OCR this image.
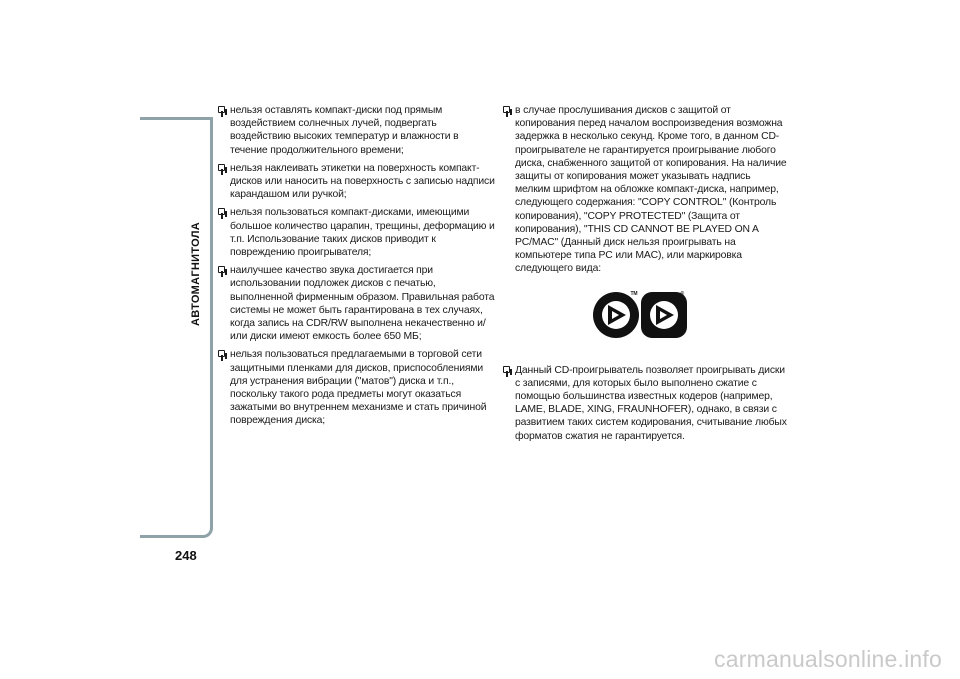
АВТОМАГНИТОЛА
248
нельзя оставлять компакт-диски под прямым воздействием солнечных лучей, подвергать воздействию высоких температур и влажности в течение продолжительного времени;
нельзя наклеивать этикетки на поверхность компакт-дисков или наносить на поверхность с записью надписи карандашом или ручкой;
нельзя пользоваться компакт-дисками, имеющими большое количество царапин, трещины, деформацию и т.п. Использование таких дисков приводит к повреждению проигрывателя;
наилучшее качество звука достигается при использовании подложек дисков с печатью, выполненной фирменным образом. Правильная работа системы не может быть гарантирована в тех случаях, когда запись на CDR/RW выполнена некачественно и/или диски имеют емкость более 650 МБ;
нельзя пользоваться предлагаемыми в торговой сети защитными пленками для дисков, приспособлениями для устранения вибрации ("матов") диска и т.п., поскольку такого рода предметы могут оказаться зажатыми во внутреннем механизме и стать причиной повреждения диска;
в случае прослушивания дисков с защитой от копирования перед началом воспроизведения возможна задержка в несколько секунд. Кроме того, в данном CD-проигрывателе не гарантируется проигрывание любого диска, снабженного защитой от копирования. На наличие защиты от копирования может указывать надпись мелким шрифтом на обложке компакт-диска, например, следующего содержания: "COPY CONTROL" (Контроль копирования), "COPY PROTECTED" (Защита от копирования), "THIS CD CANNOT BE PLAYED ON A PC/MAC" (Данный диск нельзя проигрывать на компьютере типа PC или MAC), или маркировка следующего вида:
TM	®
Данный CD-проигрыватель позволяет проигрывать диски с записями, для которых было выполнено сжатие с помощью большинства известных кодеров (например, LAME, BLADE, XING, FRAUNHOFER), однако, в связи с развитием таких систем кодирования, считывание любых форматов сжатия не гарантируется.
carmanualsonline.info
